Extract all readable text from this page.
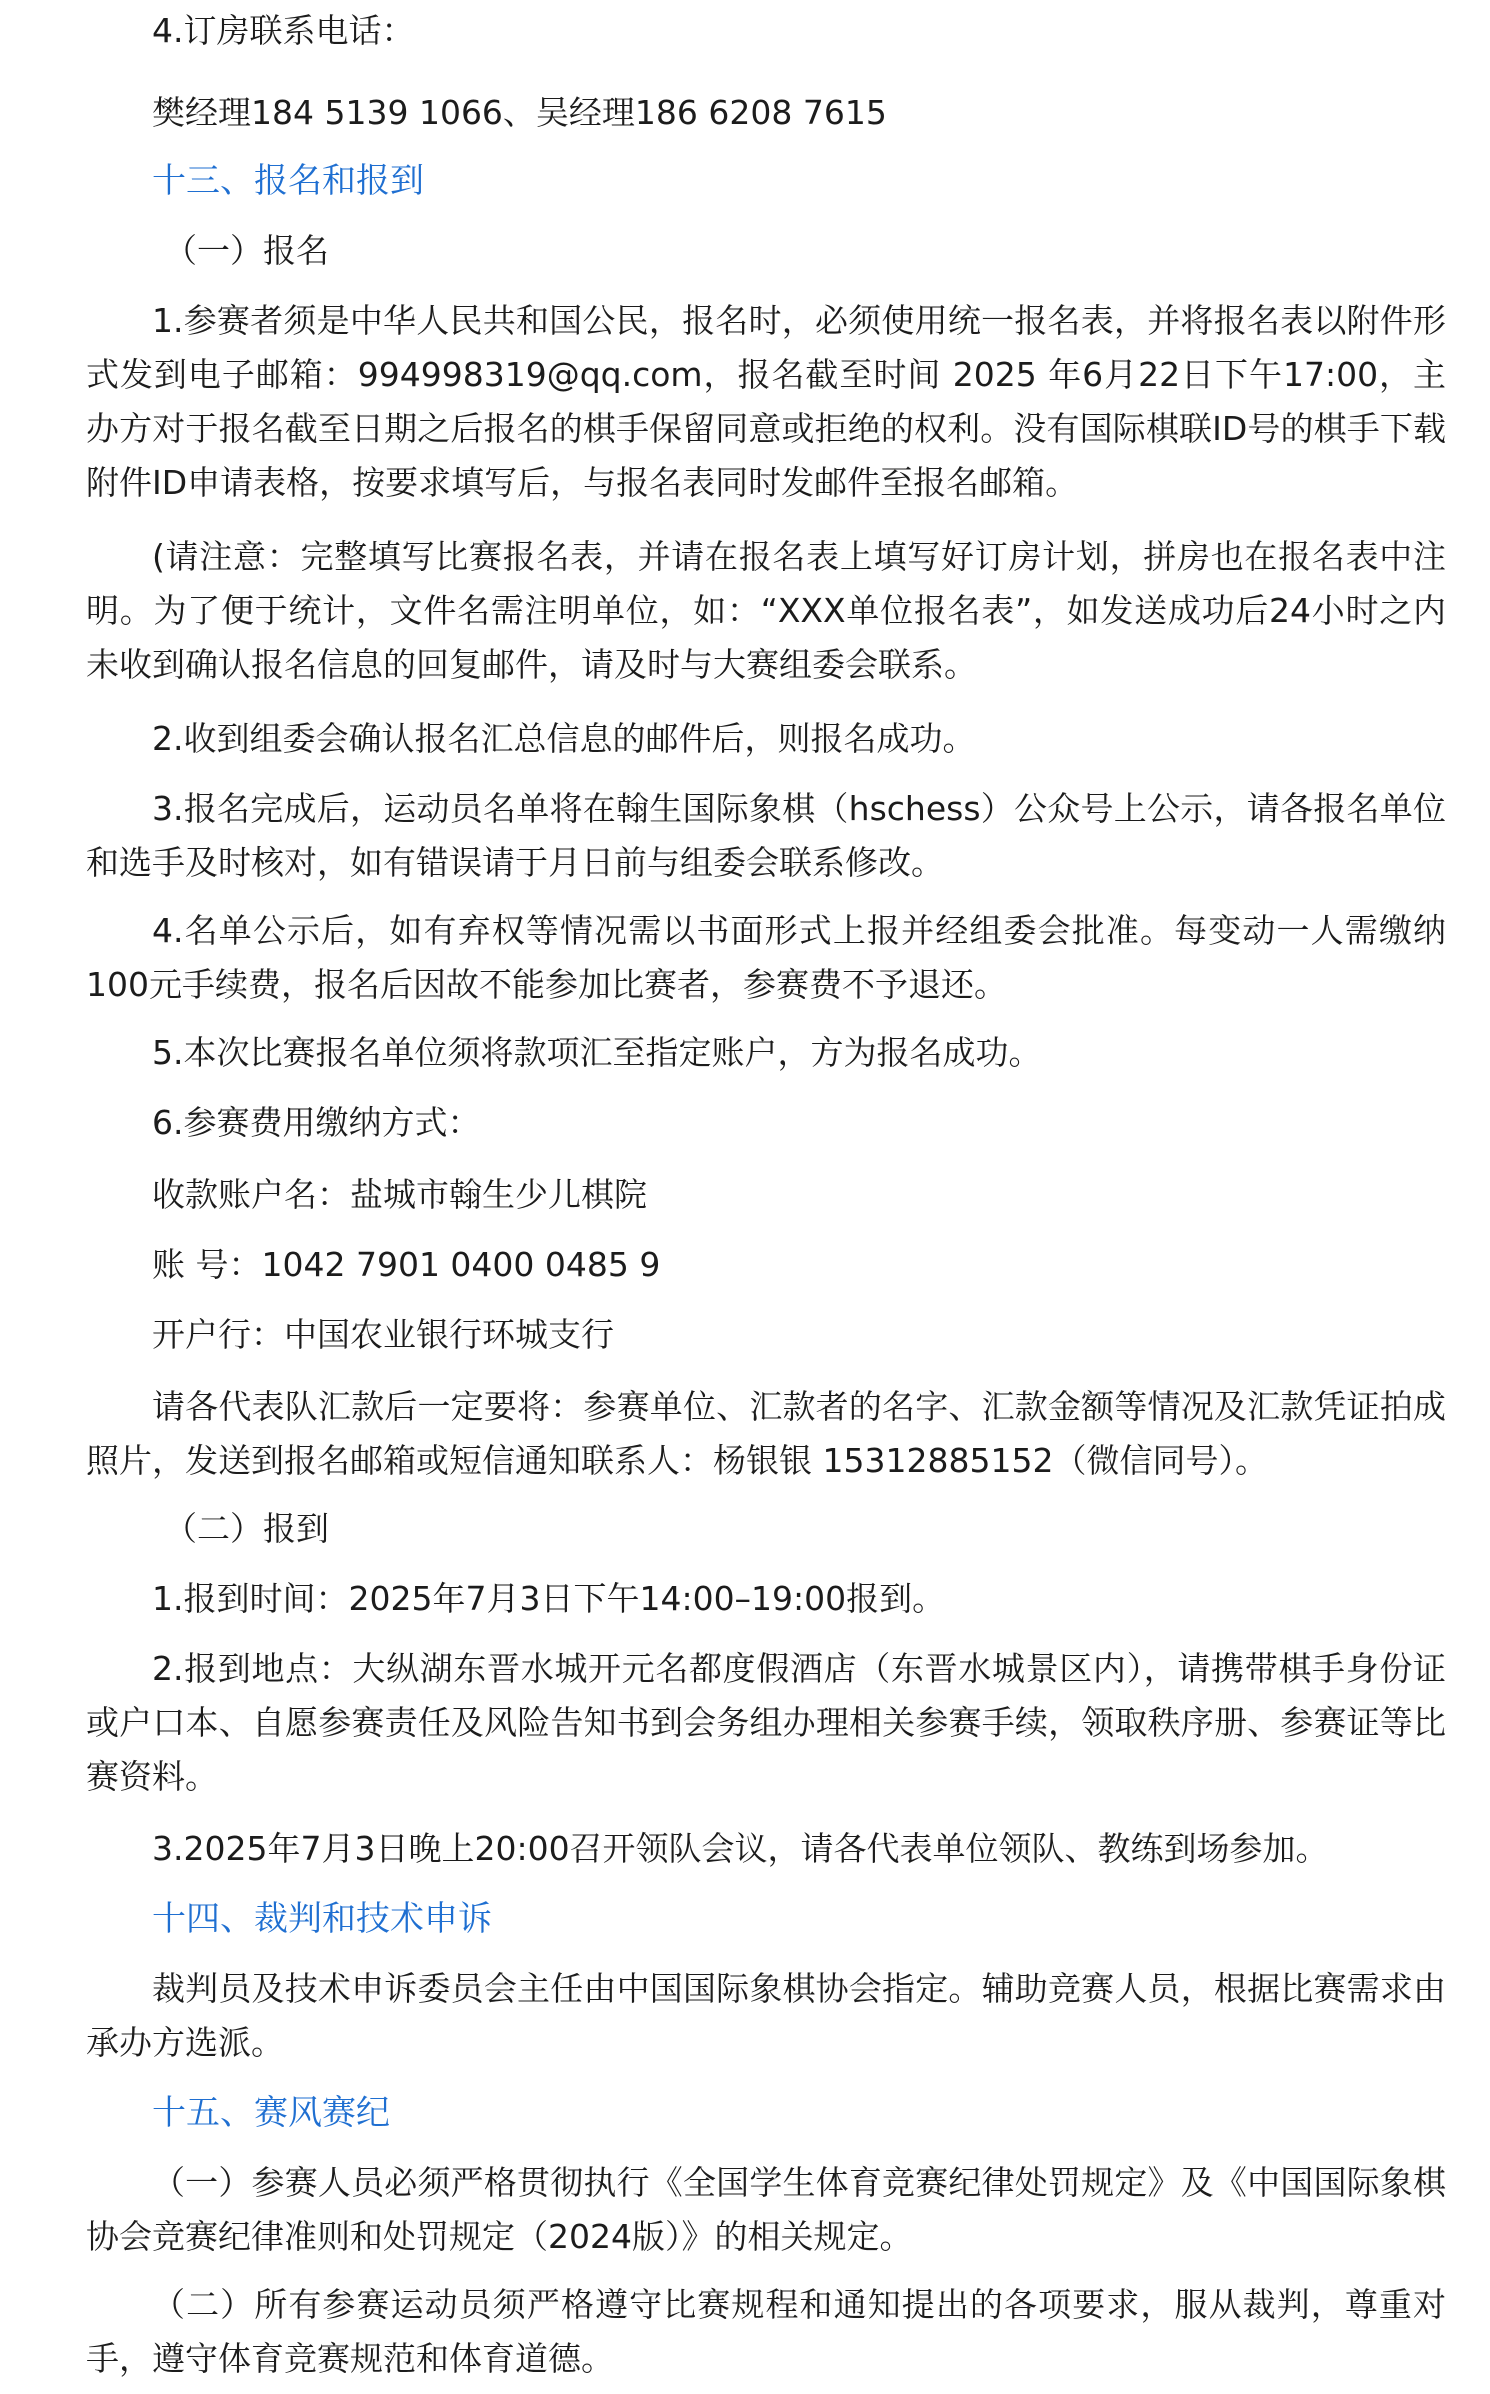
4.订房联系电话：

樊经理184 5139 1066、吴经理186 6208 7615

十三、报名和报到

（一）报名

1.参赛者须是中华人民共和国公民，报名时，必须使用统一报名表，并将报名表以附件形式发到电子邮箱：994998319@qq.com，报名截至时间 2025 年6月22日下午17:00，主办方对于报名截至日期之后报名的棋手保留同意或拒绝的权利。没有国际棋联ID号的棋手下载附件ID申请表格，按要求填写后，与报名表同时发邮件至报名邮箱。

(请注意：完整填写比赛报名表，并请在报名表上填写好订房计划，拼房也在报名表中注明。为了便于统计，文件名需注明单位，如：“XXX单位报名表”，如发送成功后24小时之内未收到确认报名信息的回复邮件，请及时与大赛组委会联系。

2.收到组委会确认报名汇总信息的邮件后，则报名成功。

3.报名完成后，运动员名单将在翰生国际象棋（hschess）公众号上公示，请各报名单位和选手及时核对，如有错误请于月日前与组委会联系修改。

4.名单公示后，如有弃权等情况需以书面形式上报并经组委会批准。每变动一人需缴纳100元手续费，报名后因故不能参加比赛者，参赛费不予退还。

5.本次比赛报名单位须将款项汇至指定账户，方为报名成功。

6.参赛费用缴纳方式：

收款账户名：盐城市翰生少儿棋院

账 号：1042 7901 0400 0485 9

开户行：中国农业银行环城支行

请各代表队汇款后一定要将：参赛单位、汇款者的名字、汇款金额等情况及汇款凭证拍成照片，发送到报名邮箱或短信通知联系人：杨银银 15312885152（微信同号）。

（二）报到

1.报到时间：2025年7月3日下午14:00–19:00报到。

2.报到地点：大纵湖东晋水城开元名都度假酒店（东晋水城景区内），请携带棋手身份证或户口本、自愿参赛责任及风险告知书到会务组办理相关参赛手续，领取秩序册、参赛证等比赛资料。

3.2025年7月3日晚上20:00召开领队会议，请各代表单位领队、教练到场参加。

十四、裁判和技术申诉

裁判员及技术申诉委员会主任由中国国际象棋协会指定。辅助竞赛人员，根据比赛需求由承办方选派。

十五、赛风赛纪

（一）参赛人员必须严格贯彻执行《全国学生体育竞赛纪律处罚规定》及《中国国际象棋协会竞赛纪律准则和处罚规定（2024版）》的相关规定。

（二）所有参赛运动员须严格遵守比赛规程和通知提出的各项要求，服从裁判，尊重对手，遵守体育竞赛规范和体育道德。
